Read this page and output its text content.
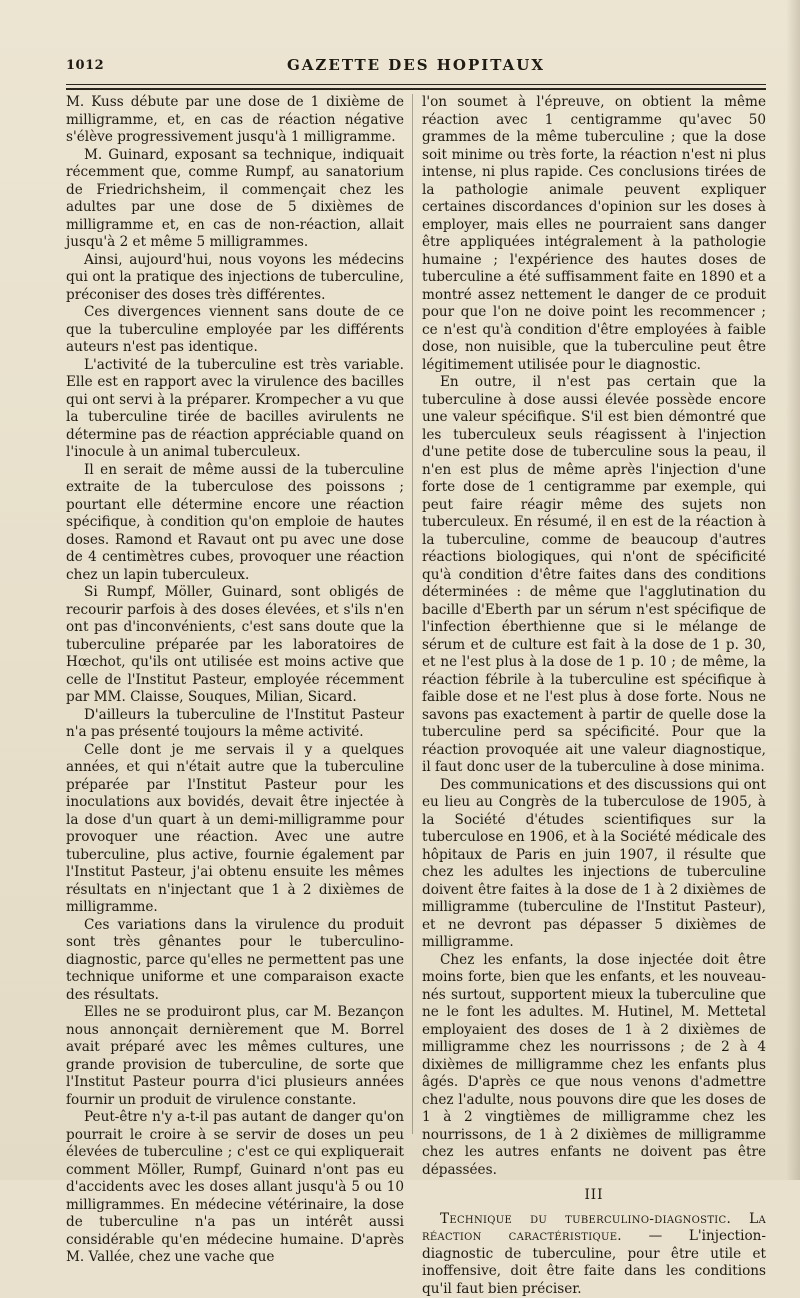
1012	GAZETTE DES HOPITAUX

M. Kuss débute par une dose de 1 dixième de milligramme, et, en cas de réaction négative s'élève progressivement jusqu'à 1 milligramme.

M. Guinard, exposant sa technique, indiquait récemment que, comme Rumpf, au sanatorium de Friedrichsheim, il commençait chez les adultes par une dose de 5 dixièmes de milligramme et, en cas de non-réaction, allait jusqu'à 2 et même 5 milligrammes.

Ainsi, aujourd'hui, nous voyons les médecins qui ont la pratique des injections de tuberculine, préconiser des doses très différentes.

Ces divergences viennent sans doute de ce que la tuberculine employée par les différents auteurs n'est pas identique.

L'activité de la tuberculine est très variable. Elle est en rapport avec la virulence des bacilles qui ont servi à la préparer. Krompecher a vu que la tuberculine tirée de bacilles avirulents ne détermine pas de réaction appréciable quand on l'inocule à un animal tuberculeux.

Il en serait de même aussi de la tuberculine extraite de la tuberculose des poissons ; pourtant elle détermine encore une réaction spécifique, à condition qu'on emploie de hautes doses. Ramond et Ravaut ont pu avec une dose de 4 centimètres cubes, provoquer une réaction chez un lapin tuberculeux.

Si Rumpf, Möller, Guinard, sont obligés de recourir parfois à des doses élevées, et s'ils n'en ont pas d'inconvénients, c'est sans doute que la tuberculine préparée par les laboratoires de Hœchot, qu'ils ont utilisée est moins active que celle de l'Institut Pasteur, employée récemment par MM. Claisse, Souques, Milian, Sicard.

D'ailleurs la tuberculine de l'Institut Pasteur n'a pas présenté toujours la même activité.

Celle dont je me servais il y a quelques années, et qui n'était autre que la tuberculine préparée par l'Institut Pasteur pour les inoculations aux bovidés, devait être injectée à la dose d'un quart à un demi-milligramme pour provoquer une réaction. Avec une autre tuberculine, plus active, fournie également par l'Institut Pasteur, j'ai obtenu ensuite les mêmes résultats en n'injectant que 1 à 2 dixièmes de milligramme.

Ces variations dans la virulence du produit sont très gênantes pour le tuberculino-diagnostic, parce qu'elles ne permettent pas une technique uniforme et une comparaison exacte des résultats.

Elles ne se produiront plus, car M. Bezançon nous annonçait dernièrement que M. Borrel avait préparé avec les mêmes cultures, une grande provision de tuberculine, de sorte que l'Institut Pasteur pourra d'ici plusieurs années fournir un produit de virulence constante.

Peut-être n'y a-t-il pas autant de danger qu'on pourrait le croire à se servir de doses un peu élevées de tuberculine ; c'est ce qui expliquerait comment Möller, Rumpf, Guinard n'ont pas eu d'accidents avec les doses allant jusqu'à 5 ou 10 milligrammes. En médecine vétérinaire, la dose de tuberculine n'a pas un intérêt aussi considérable qu'en médecine humaine. D'après M. Vallée, chez une vache que

l'on soumet à l'épreuve, on obtient la même réaction avec 1 centigramme qu'avec 50 grammes de la même tuberculine ; que la dose soit minime ou très forte, la réaction n'est ni plus intense, ni plus rapide. Ces conclusions tirées de la pathologie animale peuvent expliquer certaines discordances d'opinion sur les doses à employer, mais elles ne pourraient sans danger être appliquées intégralement à la pathologie humaine ; l'expérience des hautes doses de tuberculine a été suffisamment faite en 1890 et a montré assez nettement le danger de ce produit pour que l'on ne doive point les recommencer ; ce n'est qu'à condition d'être employées à faible dose, non nuisible, que la tuberculine peut être légitimement utilisée pour le diagnostic.

En outre, il n'est pas certain que la tuberculine à dose aussi élevée possède encore une valeur spécifique. S'il est bien démontré que les tuberculeux seuls réagissent à l'injection d'une petite dose de tuberculine sous la peau, il n'en est plus de même après l'injection d'une forte dose de 1 centigramme par exemple, qui peut faire réagir même des sujets non tuberculeux. En résumé, il en est de la réaction à la tuberculine, comme de beaucoup d'autres réactions biologiques, qui n'ont de spécificité qu'à condition d'être faites dans des conditions déterminées : de même que l'agglutination du bacille d'Eberth par un sérum n'est spécifique de l'infection éberthienne que si le mélange de sérum et de culture est fait à la dose de 1 p. 30, et ne l'est plus à la dose de 1 p. 10 ; de même, la réaction fébrile à la tuberculine est spécifique à faible dose et ne l'est plus à dose forte. Nous ne savons pas exactement à partir de quelle dose la tuberculine perd sa spécificité. Pour que la réaction provoquée ait une valeur diagnostique, il faut donc user de la tuberculine à dose minima.

Des communications et des discussions qui ont eu lieu au Congrès de la tuberculose de 1905, à la Société d'études scientifiques sur la tuberculose en 1906, et à la Société médicale des hôpitaux de Paris en juin 1907, il résulte que chez les adultes les injections de tuberculine doivent être faites à la dose de 1 à 2 dixièmes de milligramme (tuberculine de l'Institut Pasteur), et ne devront pas dépasser 5 dixièmes de milligramme.

Chez les enfants, la dose injectée doit être moins forte, bien que les enfants, et les nouveau-nés surtout, supportent mieux la tuberculine que ne le font les adultes. M. Hutinel, M. Mettetal employaient des doses de 1 à 2 dixièmes de milligramme chez les nourrissons ; de 2 à 4 dixièmes de milligramme chez les enfants plus âgés. D'après ce que nous venons d'admettre chez l'adulte, nous pouvons dire que les doses de 1 à 2 vingtièmes de milligramme chez les nourrissons, de 1 à 2 dixièmes de milligramme chez les autres enfants ne doivent pas être dépassées.

III

Technique du tuberculino-diagnostic. La réaction caractéristique. — L'injection-diagnostic de tuberculine, pour être utile et inoffensive, doit être faite dans les conditions qu'il faut bien préciser.
